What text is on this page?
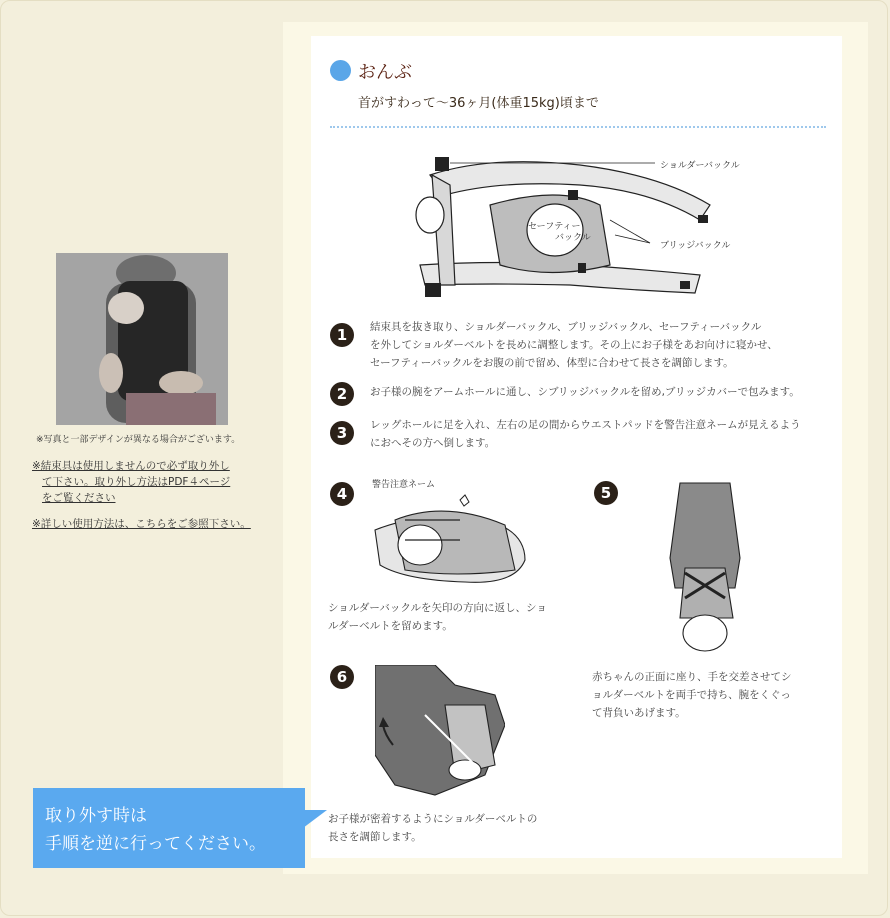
※写真と一部デザインが異なる場合がございます。
※結束具は使用しませんので必ず取り外し
て下さい。取り外し方法はPDF４ページ
をご覧ください
※詳しい使用方法は、こちらをご参照下さい。
おんぶ
首がすわって〜36ヶ月(体重15kg)頃まで
ショルダーバックル
セーフティー
バックル
ブリッジバックル
1	結束具を抜き取り、ショルダーバックル、ブリッジバックル、セーフティーバックル
を外してショルダーベルトを長めに調整します。その上にお子様をあお向けに寝かせ、
セーフティーバックルをお腹の前で留め、体型に合わせて長さを調節します。
2	お子様の腕をアームホールに通し、シブリッジバックルを留め,ブリッジカバーで包みます。
3	レッグホールに足を入れ、左右の足の間からウエストパッドを警告注意ネームが見えるよう
におへその方へ倒します。
4	警告注意ネーム
ショルダーバックルを矢印の方向に返し、ショ
ルダーベルトを留めます。
5
赤ちゃんの正面に座り、手を交差させてシ
ョルダーベルトを両手で持ち、腕をくぐっ
て背負いあげます。
6
お子様が密着するようにショルダーベルトの
長さを調節します。
取り外す時は
手順を逆に行ってください。
